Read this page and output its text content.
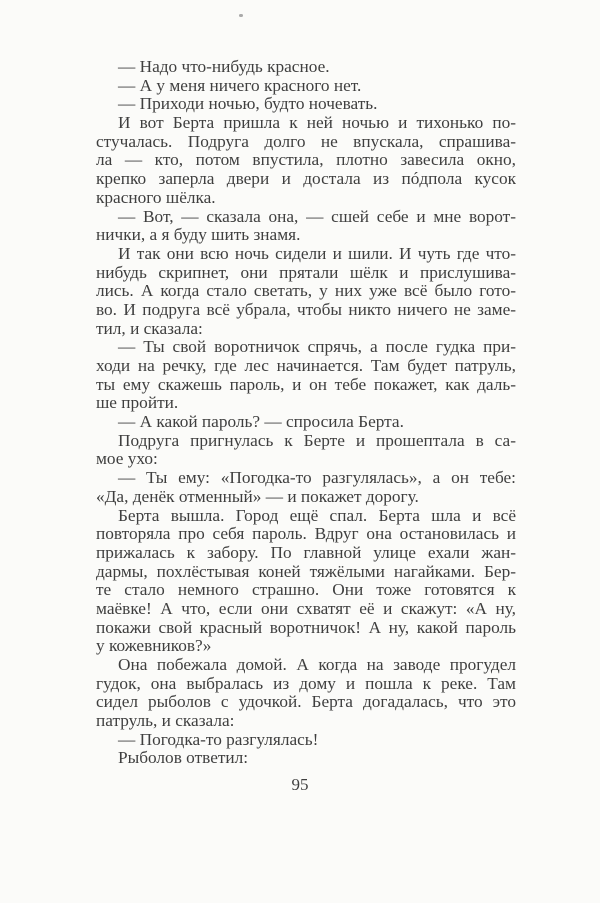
— Надо что-нибудь красное.
— А у меня ничего красного нет.
— Приходи ночью, будто ночевать.
И вот Берта пришла к ней ночью и тихонько по-
стучалась. Подруга долго не впускала, спрашива-
ла — кто, потом впустила, плотно завесила окно,
крепко заперла двери и достала из пóдпола кусок
красного шёлка.
— Вот, — сказала она, — сшей себе и мне ворот-
нички, а я буду шить знамя.
И так они всю ночь сидели и шили. И чуть где что-
нибудь скрипнет, они прятали шёлк и прислушива-
лись. А когда стало светать, у них уже всё было гото-
во. И подруга всё убрала, чтобы никто ничего не заме-
тил, и сказала:
— Ты свой воротничок спрячь, а после гудка при-
ходи на речку, где лес начинается. Там будет патруль,
ты ему скажешь пароль, и он тебе покажет, как даль-
ше пройти.
— А какой пароль? — спросила Берта.
Подруга пригнулась к Берте и прошептала в са-
мое ухо:
— Ты ему: «Погодка-то разгулялась», а он тебе:
«Да, денёк отменный» — и покажет дорогу.
Берта вышла. Город ещё спал. Берта шла и всё
повторяла про себя пароль. Вдруг она остановилась и
прижалась к забору. По главной улице ехали жан-
дармы, похлёстывая коней тяжёлыми нагайками. Бер-
те стало немного страшно. Они тоже готовятся к
маёвке! А что, если они схватят её и скажут: «А ну,
покажи свой красный воротничок! А ну, какой пароль
у кожевников?»
Она побежала домой. А когда на заводе прогудел
гудок, она выбралась из дому и пошла к реке. Там
сидел рыболов с удочкой. Берта догадалась, что это
патруль, и сказала:
— Погодка-то разгулялась!
Рыболов ответил:
95
